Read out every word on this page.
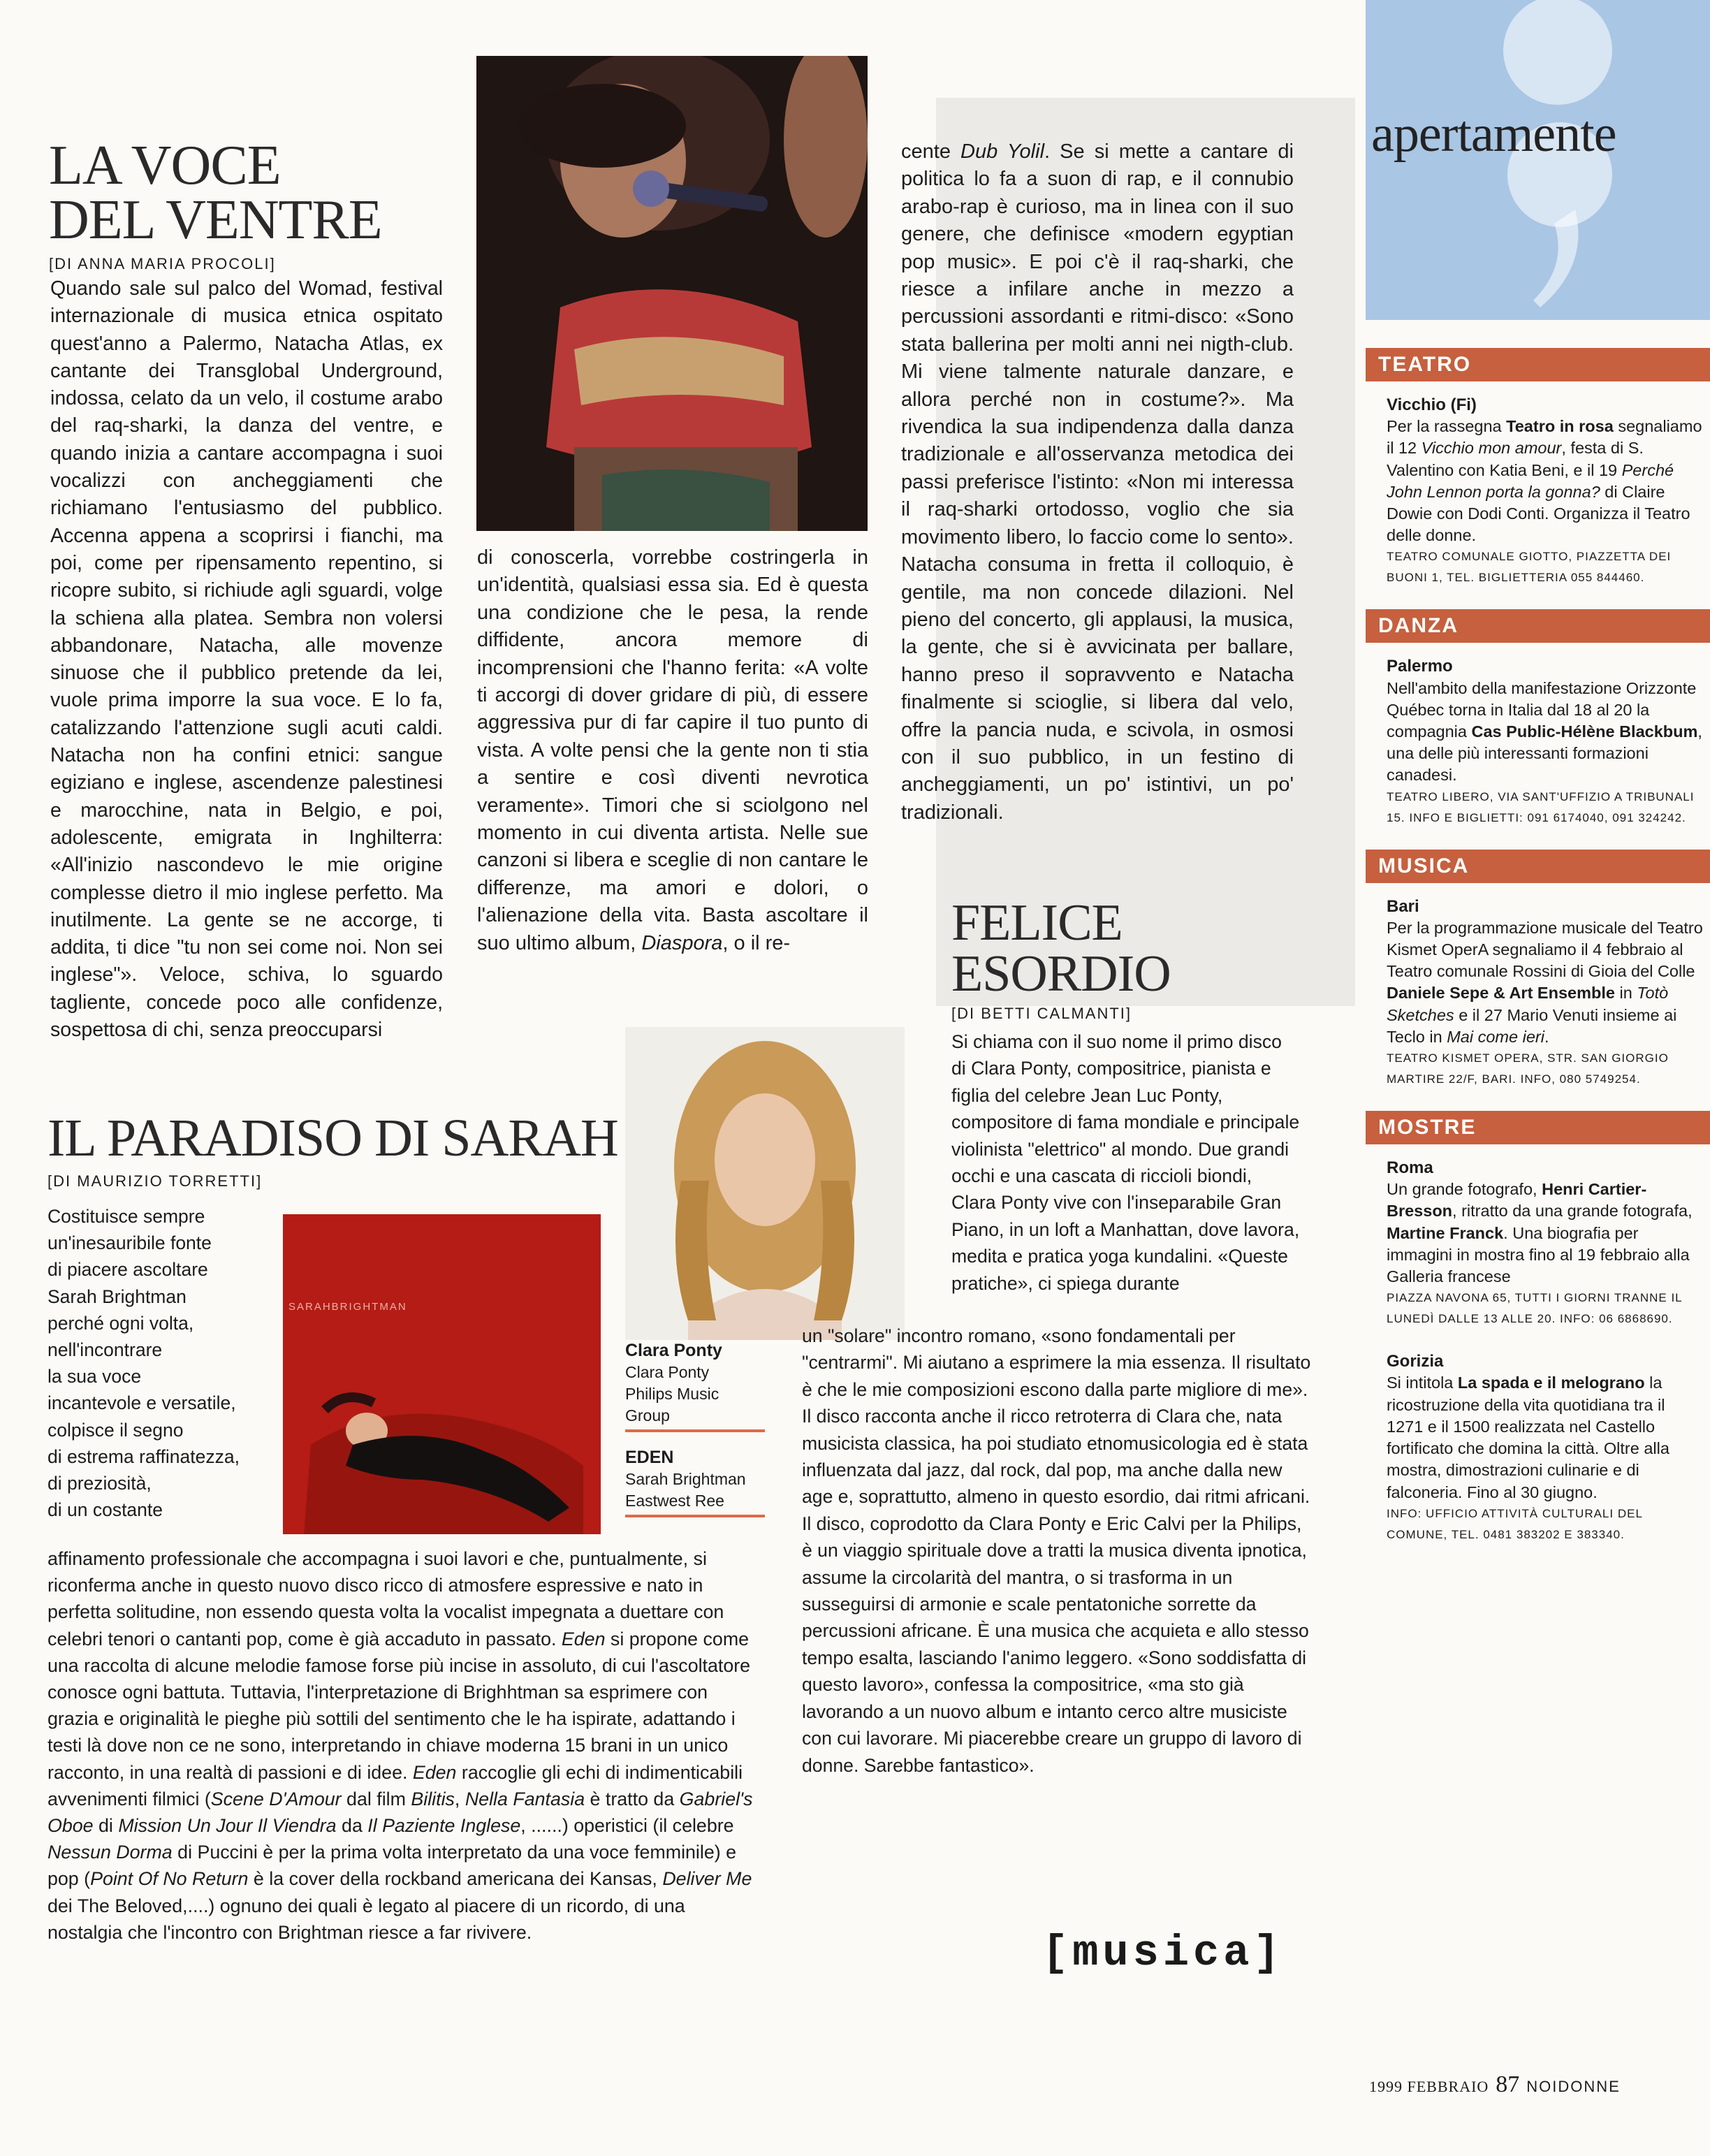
apertamente
LA VOCE
DEL VENTRE
[DI ANNA MARIA PROCOLI]

Quando sale sul palco del Womad, festival internazionale di musica etnica ospitato quest'anno a Palermo, Natacha Atlas, ex cantante dei Transglobal Underground, indossa, celato da un velo, il costume arabo del raq-sharki, la danza del ventre, e quando inizia a cantare accompagna i suoi vocalizzi con ancheggiamenti che richiamano l'entusiasmo del pubblico. Accenna appena a scoprirsi i fianchi, ma poi, come per ripensamento repentino, si ricopre subito, si richiude agli sguardi, volge la schiena alla platea. Sembra non volersi abbandonare, Natacha, alle movenze sinuose che il pubblico pretende da lei, vuole prima imporre la sua voce. E lo fa, catalizzando l'attenzione sugli acuti caldi. Natacha non ha confini etnici: sangue egiziano e inglese, ascendenze palestinesi e marocchine, nata in Belgio, e poi, adolescente, emigrata in Inghilterra: «All'inizio nascondevo le mie origine complesse dietro il mio inglese perfetto. Ma inutilmente. La gente se ne accorge, ti addita, ti dice "tu non sei come noi. Non sei inglese"». Veloce, schiva, lo sguardo tagliente, concede poco alle confidenze, sospettosa di chi, senza preoccuparsi

di conoscerla, vorrebbe costringerla in un'identità, qualsiasi essa sia. Ed è questa una condizione che le pesa, la rende diffidente, ancora memore di incomprensioni che l'hanno ferita: «A volte ti accorgi di dover gridare di più, di essere aggressiva pur di far capire il tuo punto di vista. A volte pensi che la gente non ti stia a sentire e così diventi nevrotica veramente». Timori che si sciolgono nel momento in cui diventa artista. Nelle sue canzoni si libera e sceglie di non cantare le differenze, ma amori e dolori, o l'alienazione della vita. Basta ascoltare il suo ultimo album, Diaspora, o il re-

cente Dub Yolil. Se si mette a cantare di politica lo fa a suon di rap, e il connubio arabo-rap è curioso, ma in linea con il suo genere, che definisce «modern egyptian pop music». E poi c'è il raq-sharki, che riesce a infilare anche in mezzo a percussioni assordanti e ritmi-disco: «Sono stata ballerina per molti anni nei nigth-club. Mi viene talmente naturale danzare, e allora perché non in costume?». Ma rivendica la sua indipendenza dalla danza tradizionale e all'osservanza metodica dei passi preferisce l'istinto: «Non mi interessa il raq-sharki ortodosso, voglio che sia movimento libero, lo faccio come lo sento». Natacha consuma in fretta il colloquio, è gentile, ma non concede dilazioni. Nel pieno del concerto, gli applausi, la musica, la gente, che si è avvicinata per ballare, hanno preso il sopravvento e Natacha finalmente si scioglie, si libera dal velo, offre la pancia nuda, e scivola, in osmosi con il suo pubblico, in un festino di ancheggiamenti, un po' istintivi, un po' tradizionali.

IL PARADISO DI SARAH
[DI MAURIZIO TORRETTI]
Costituisce sempre
un'inesauribile fonte
di piacere ascoltare
Sarah Brightman
perché ogni volta,
nell'incontrare
la sua voce
incantevole e versatile,
colpisce il segno
di estrema raffinatezza,
di preziosità,
di un costante
SARAHBRIGHTMAN
EDEN
Sarah Brightman
Eastwest Ree

affinamento professionale che accompagna i suoi lavori e che, puntualmente, si riconferma anche in questo nuovo disco ricco di atmosfere espressive e nato in perfetta solitudine, non essendo questa volta la vocalist impegnata a duettare con celebri tenori o cantanti pop, come è già accaduto in passato. Eden si propone come una raccolta di alcune melodie famose forse più incise in assoluto, di cui l'ascoltatore conosce ogni battuta. Tuttavia, l'interpretazione di Brighhtman sa esprimere con grazia e originalità le pieghe più sottili del sentimento che le ha ispirate, adattando i testi là dove non ce ne sono, interpretando in chiave moderna 15 brani in un unico racconto, in una realtà di passioni e di idee. Eden raccoglie gli echi di indimenticabili avvenimenti filmici (Scene D'Amour dal film Bilitis, Nella Fantasia è tratto da Gabriel's Oboe di Mission Un Jour Il Viendra da Il Paziente Inglese, ......) operistici (il celebre Nessun Dorma di Puccini è per la prima volta interpretato da una voce femminile) e pop (Point Of No Return è la cover della rockband americana dei Kansas, Deliver Me dei The Beloved,....) ognuno dei quali è legato al piacere di un ricordo, di una nostalgia che l'incontro con Brightman riesce a far rivivere.

Clara Ponty
Clara Ponty
Philips Music
Group
FELICE
ESORDIO
[DI BETTI CALMANTI]

Si chiama con il suo nome il primo disco di Clara Ponty, compositrice, pianista e figlia del celebre Jean Luc Ponty, compositore di fama mondiale e principale violinista "elettrico" al mondo. Due grandi occhi e una cascata di riccioli biondi, Clara Ponty vive con l'inseparabile Gran Piano, in un loft a Manhattan, dove lavora, medita e pratica yoga kundalini. «Queste pratiche», ci spiega durante

un "solare" incontro romano, «sono fondamentali per "centrarmi". Mi aiutano a esprimere la mia essenza. Il risultato è che le mie composizioni escono dalla parte migliore di me». Il disco racconta anche il ricco retroterra di Clara che, nata musicista classica, ha poi studiato etnomusicologia ed è stata influenzata dal jazz, dal rock, dal pop, ma anche dalla new age e, soprattutto, almeno in questo esordio, dai ritmi africani. Il disco, coprodotto da Clara Ponty e Eric Calvi per la Philips, è un viaggio spirituale dove a tratti la musica diventa ipnotica, assume la circolarità del mantra, o si trasforma in un susseguirsi di armonie e scale pentatoniche sorrette da percussioni africane. È una musica che acquieta e allo stesso tempo esalta, lasciando l'animo leggero. «Sono soddisfatta di questo lavoro», confessa la compositrice, «ma sto già lavorando a un nuovo album e intanto cerco altre musiciste con cui lavorare. Mi piacerebbe creare un gruppo di lavoro di donne. Sarebbe fantastico».

[musica]
TEATRO
Vicchio (Fi)
Per la rassegna Teatro in rosa segnaliamo il 12 Vicchio mon amour, festa di S. Valentino con Katia Beni, e il 19 Perché John Lennon porta la gonna? di Claire Dowie con Dodi Conti. Organizza il Teatro delle donne.

TEATRO COMUNALE GIOTTO, PIAZZETTA DEI BUONI 1, TEL. BIGLIETTERIA 055 844460.

DANZA
Palermo
Nell'ambito della manifestazione Orizzonte Québec torna in Italia dal 18 al 20 la compagnia Cas Public-Hélène Blackbum, una delle più interessanti formazioni canadesi.

TEATRO LIBERO, VIA SANT'UFFIZIO A TRIBUNALI 15. INFO E BIGLIETTI: 091 6174040, 091 324242.

MUSICA
Bari
Per la programmazione musicale del Teatro Kismet OperA segnaliamo il 4 febbraio al Teatro comunale Rossini di Gioia del Colle Daniele Sepe & Art Ensemble in Totò Sketches e il 27 Mario Venuti insieme ai Teclo in Mai come ieri.

TEATRO KISMET OPERA, STR. SAN GIORGIO MARTIRE 22/F, BARI. INFO, 080 5749254.

MOSTRE
Roma
Un grande fotografo, Henri Cartier-Bresson, ritratto da una grande fotografa, Martine Franck. Una biografia per immagini in mostra fino al 19 febbraio alla Galleria francese

PIAZZA NAVONA 65, TUTTI I GIORNI TRANNE IL LUNEDÌ DALLE 13 ALLE 20. INFO: 06 6868690.

Gorizia
Si intitola La spada e il melograno la ricostruzione della vita quotidiana tra il 1271 e il 1500 realizzata nel Castello fortificato che domina la città. Oltre alla mostra, dimostrazioni culinarie e di falconeria. Fino al 30 giugno.

INFO: UFFICIO ATTIVITÀ CULTURALI DEL COMUNE, TEL. 0481 383202 E 383340.

1999 FEBBRAIO 87 NOIDONNE
